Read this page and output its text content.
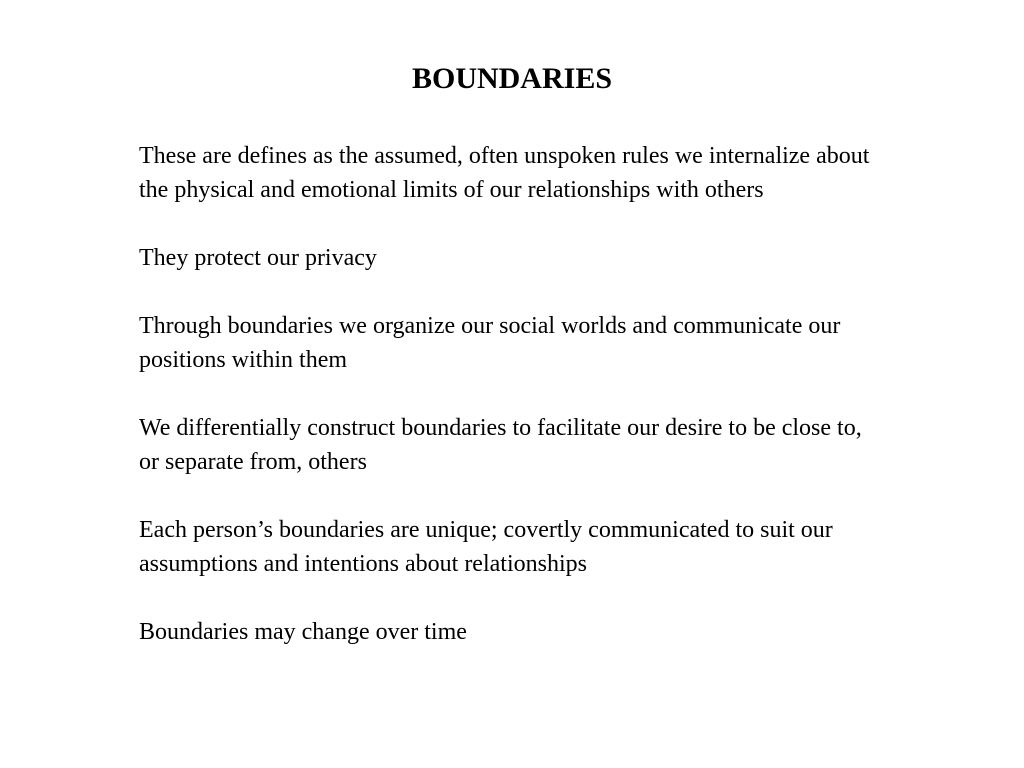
BOUNDARIES

These are defines as the assumed, often unspoken rules we internalize about the physical and emotional limits of our relationships with others

They protect our privacy

Through boundaries we organize our social worlds and communicate our positions within them

We differentially construct boundaries to facilitate our desire to be close to, or separate from, others

Each person’s boundaries are unique; covertly communicated to suit our assumptions and intentions about relationships

Boundaries may change over time
